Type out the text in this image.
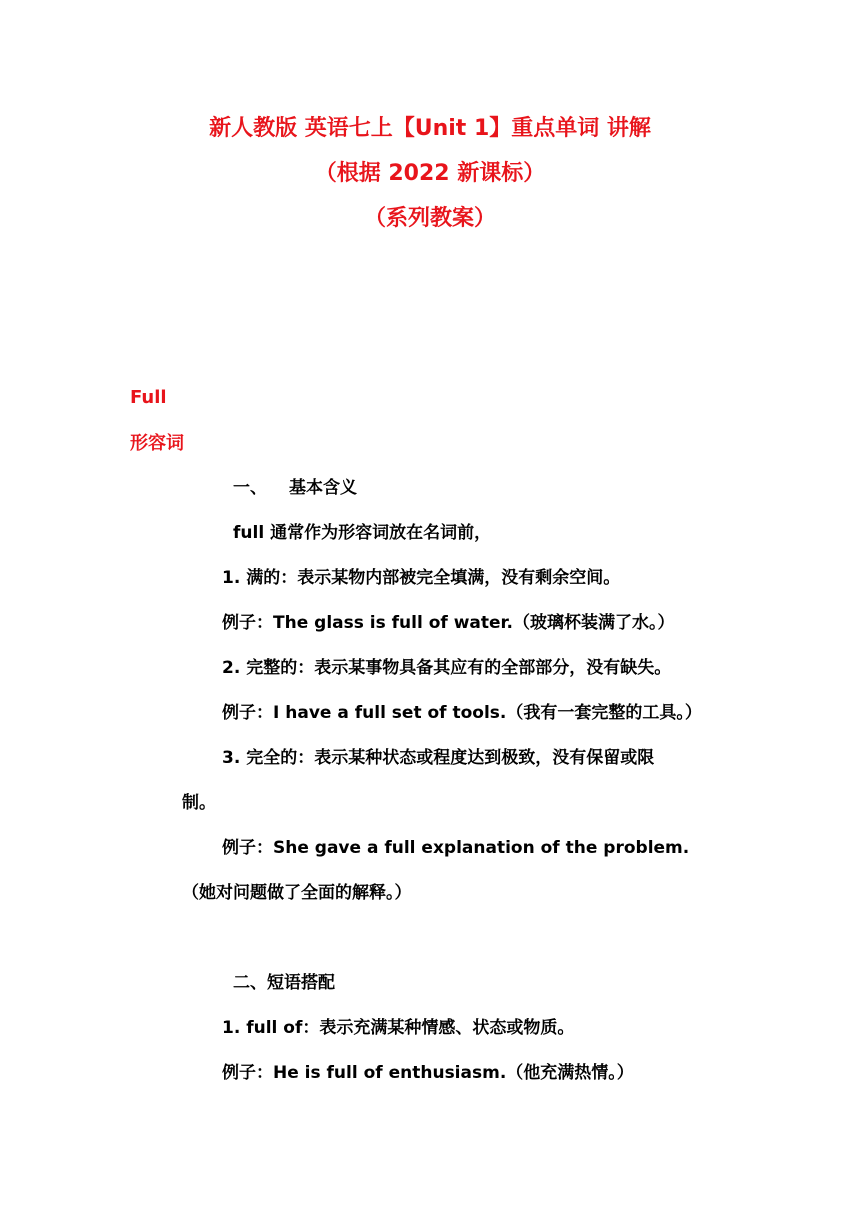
新人教版 英语七上【Unit 1】重点单词 讲解
（根据 2022 新课标）
（系列教案）
Full
形容词
一、 基本含义
full 通常作为形容词放在名词前，
1. 满的：表示某物内部被完全填满，没有剩余空间。
例子：The glass is full of water.（玻璃杯装满了水。）
2. 完整的：表示某事物具备其应有的全部部分，没有缺失。
例子：I have a full set of tools.（我有一套完整的工具。）
3. 完全的：表示某种状态或程度达到极致，没有保留或限
制。
例子：She gave a full explanation of the problem.
（她对问题做了全面的解释。）
二、短语搭配
1. full of：表示充满某种情感、状态或物质。
例子：He is full of enthusiasm.（他充满热情。）
